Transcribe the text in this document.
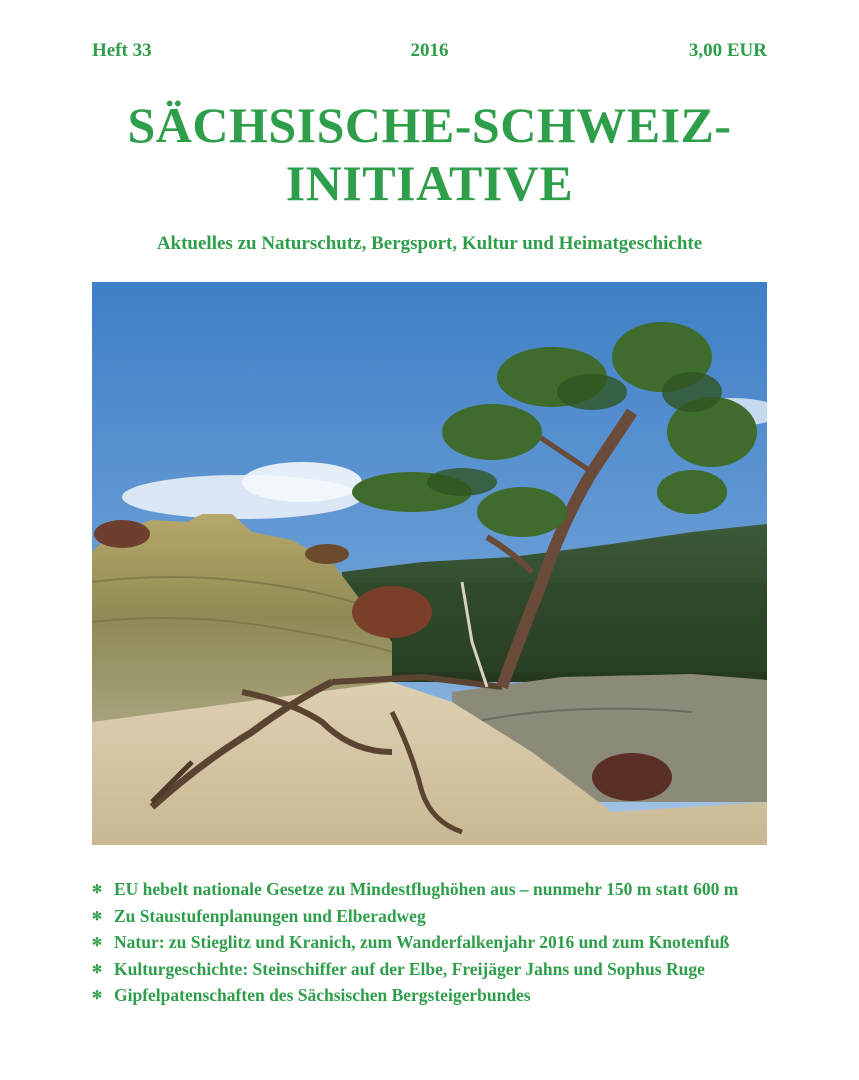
Heft 33	2016	3,00 EUR
SÄCHSISCHE-SCHWEIZ-
INITIATIVE
Aktuelles zu Naturschutz, Bergsport, Kultur und Heimatgeschichte
✻ EU hebelt nationale Gesetze zu Mindestflughöhen aus – nunmehr 150 m statt 600 m
✻ Zu Staustufenplanungen und Elberadweg
✻ Natur: zu Stieglitz und Kranich, zum Wanderfalkenjahr 2016 und zum Knotenfuß
✻ Kulturgeschichte: Steinschiffer auf der Elbe, Freijäger Jahns und Sophus Ruge
✻ Gipfelpatenschaften des Sächsischen Bergsteigerbundes
